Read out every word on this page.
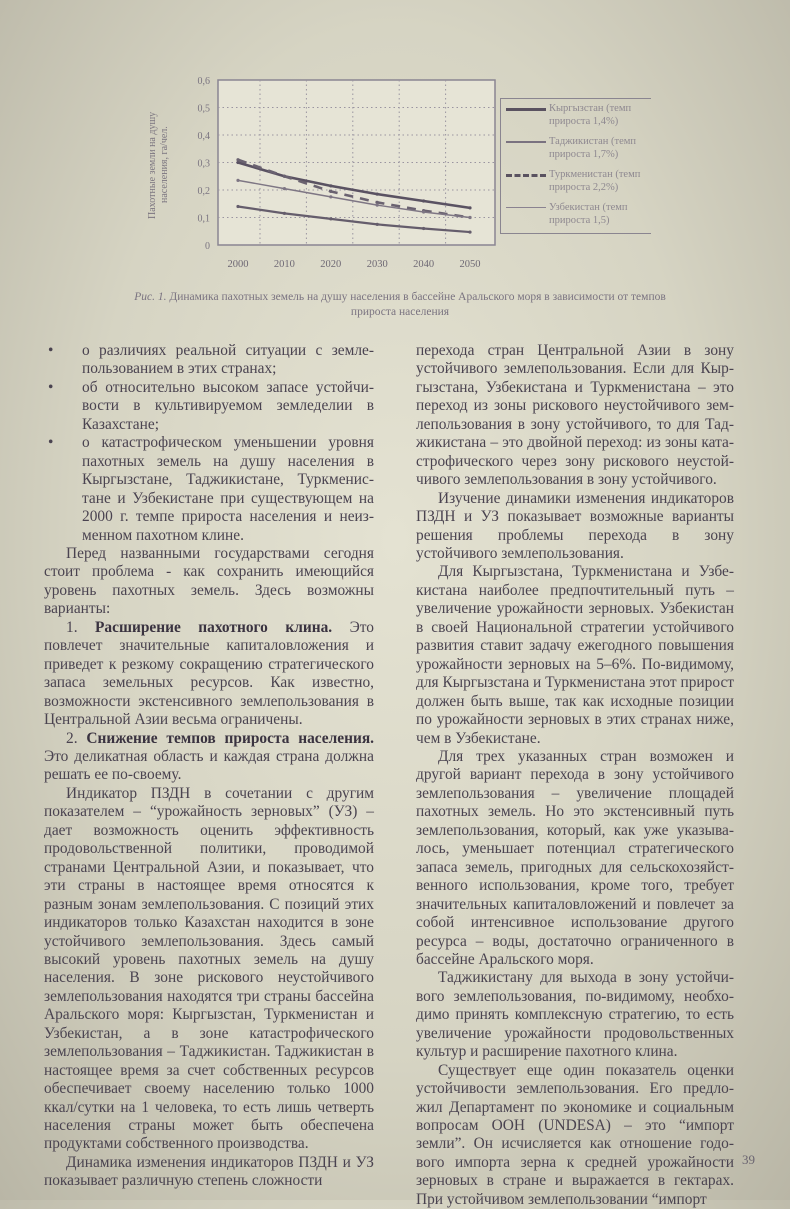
0
0,1
0,2
0,3
0,4
0,5
0,6
2000 2010 2020 2030 2040 2050
Пахотные земли на душу населения, га/чел.
Кыргызстан (темп прироста 1,4%)
Таджикистан (темп прироста 1,7%)
Туркменистан (темп прироста 2,2%)
Узбекистан (темп прироста 1,5)
Рис. 1. Динамика пахотных земель на душу населения в бассейне Аральского моря в зависимости от темпов прироста населения

• о различиях реальной ситуации с землепользованием в этих странах;

• об относительно высоком запасе устойчивости в культивируемом земледелии в Казахстане;

• о катастрофическом уменьшении уровня пахотных земель на душу населения в Кыргызстане, Таджикистане, Туркменистане и Узбекистане при существующем на 2000 г. темпе прироста населения и неизменном пахотном клине.

Перед названными государствами сегодня стоит проблема - как сохранить имеющийся уровень пахотных земель. Здесь возможны варианты:

1. Расширение пахотного клина. Это повлечет значительные капиталовложения и приведет к резкому сокращению стратегического запаса земельных ресурсов. Как известно, возможности экстенсивного землепользования в Центральной Азии весьма ограничены.

2. Снижение темпов прироста населения. Это деликатная область и каждая страна должна решать ее по-своему.

Индикатор ПЗДН в сочетании с другим показателем – “урожайность зерновых” (УЗ) – дает возможность оценить эффективность продовольственной политики, проводимой странами Центральной Азии, и показывает, что эти страны в настоящее время относятся к разным зонам землепользования. С позиций этих индикаторов только Казахстан находится в зоне устойчивого землепользования. Здесь самый высокий уровень пахотных земель на душу населения. В зоне рискового неустойчивого землепользования находятся три страны бассейна Аральского моря: Кыргызстан, Туркменистан и Узбекистан, а в зоне катастрофического землепользования – Таджикистан. Таджикистан в настоящее время за счет собственных ресурсов обеспечивает своему населению только 1000 ккал/сутки на 1 человека, то есть лишь четверть населения страны может быть обеспечена продуктами собственного производства.

Динамика изменения индикаторов ПЗДН и УЗ показывает различную степень сложности

перехода стран Центральной Азии в зону устойчивого землепользования. Если для Кыргызстана, Узбекистана и Туркменистана – это переход из зоны рискового неустойчивого землепользования в зону устойчивого, то для Таджикистана – это двойной переход: из зоны катастрофического через зону рискового неустойчивого землепользования в зону устойчивого.

Изучение динамики изменения индикаторов ПЗДН и УЗ показывает возможные варианты решения проблемы перехода в зону устойчивого землепользования.

Для Кыргызстана, Туркменистана и Узбекистана наиболее предпочтительный путь – увеличение урожайности зерновых. Узбекистан в своей Национальной стратегии устойчивого развития ставит задачу ежегодного повышения урожайности зерновых на 5–6%. По-видимому, для Кыргызстана и Туркменистана этот прирост должен быть выше, так как исходные позиции по урожайности зерновых в этих странах ниже, чем в Узбекистане.

Для трех указанных стран возможен и другой вариант перехода в зону устойчивого землепользования – увеличение площадей пахотных земель. Но это экстенсивный путь землепользования, который, как уже указывалось, уменьшает потенциал стратегического запаса земель, пригодных для сельскохозяйственного использования, кроме того, требует значительных капиталовложений и повлечет за собой интенсивное использование другого ресурса – воды, достаточно ограниченного в бассейне Аральского моря.

Таджикистану для выхода в зону устойчивого землепользования, по-видимому, необходимо принять комплексную стратегию, то есть увеличение урожайности продовольственных культур и расширение пахотного клина.

Существует еще один показатель оценки устойчивости землепользования. Его предложил Департамент по экономике и социальным вопросам ООН (UNDESA) – это “импорт земли”. Он исчисляется как отношение годового импорта зерна к средней урожайности зерновых в стране и выражается в гектарах. При устойчивом землепользовании “импорт

39
